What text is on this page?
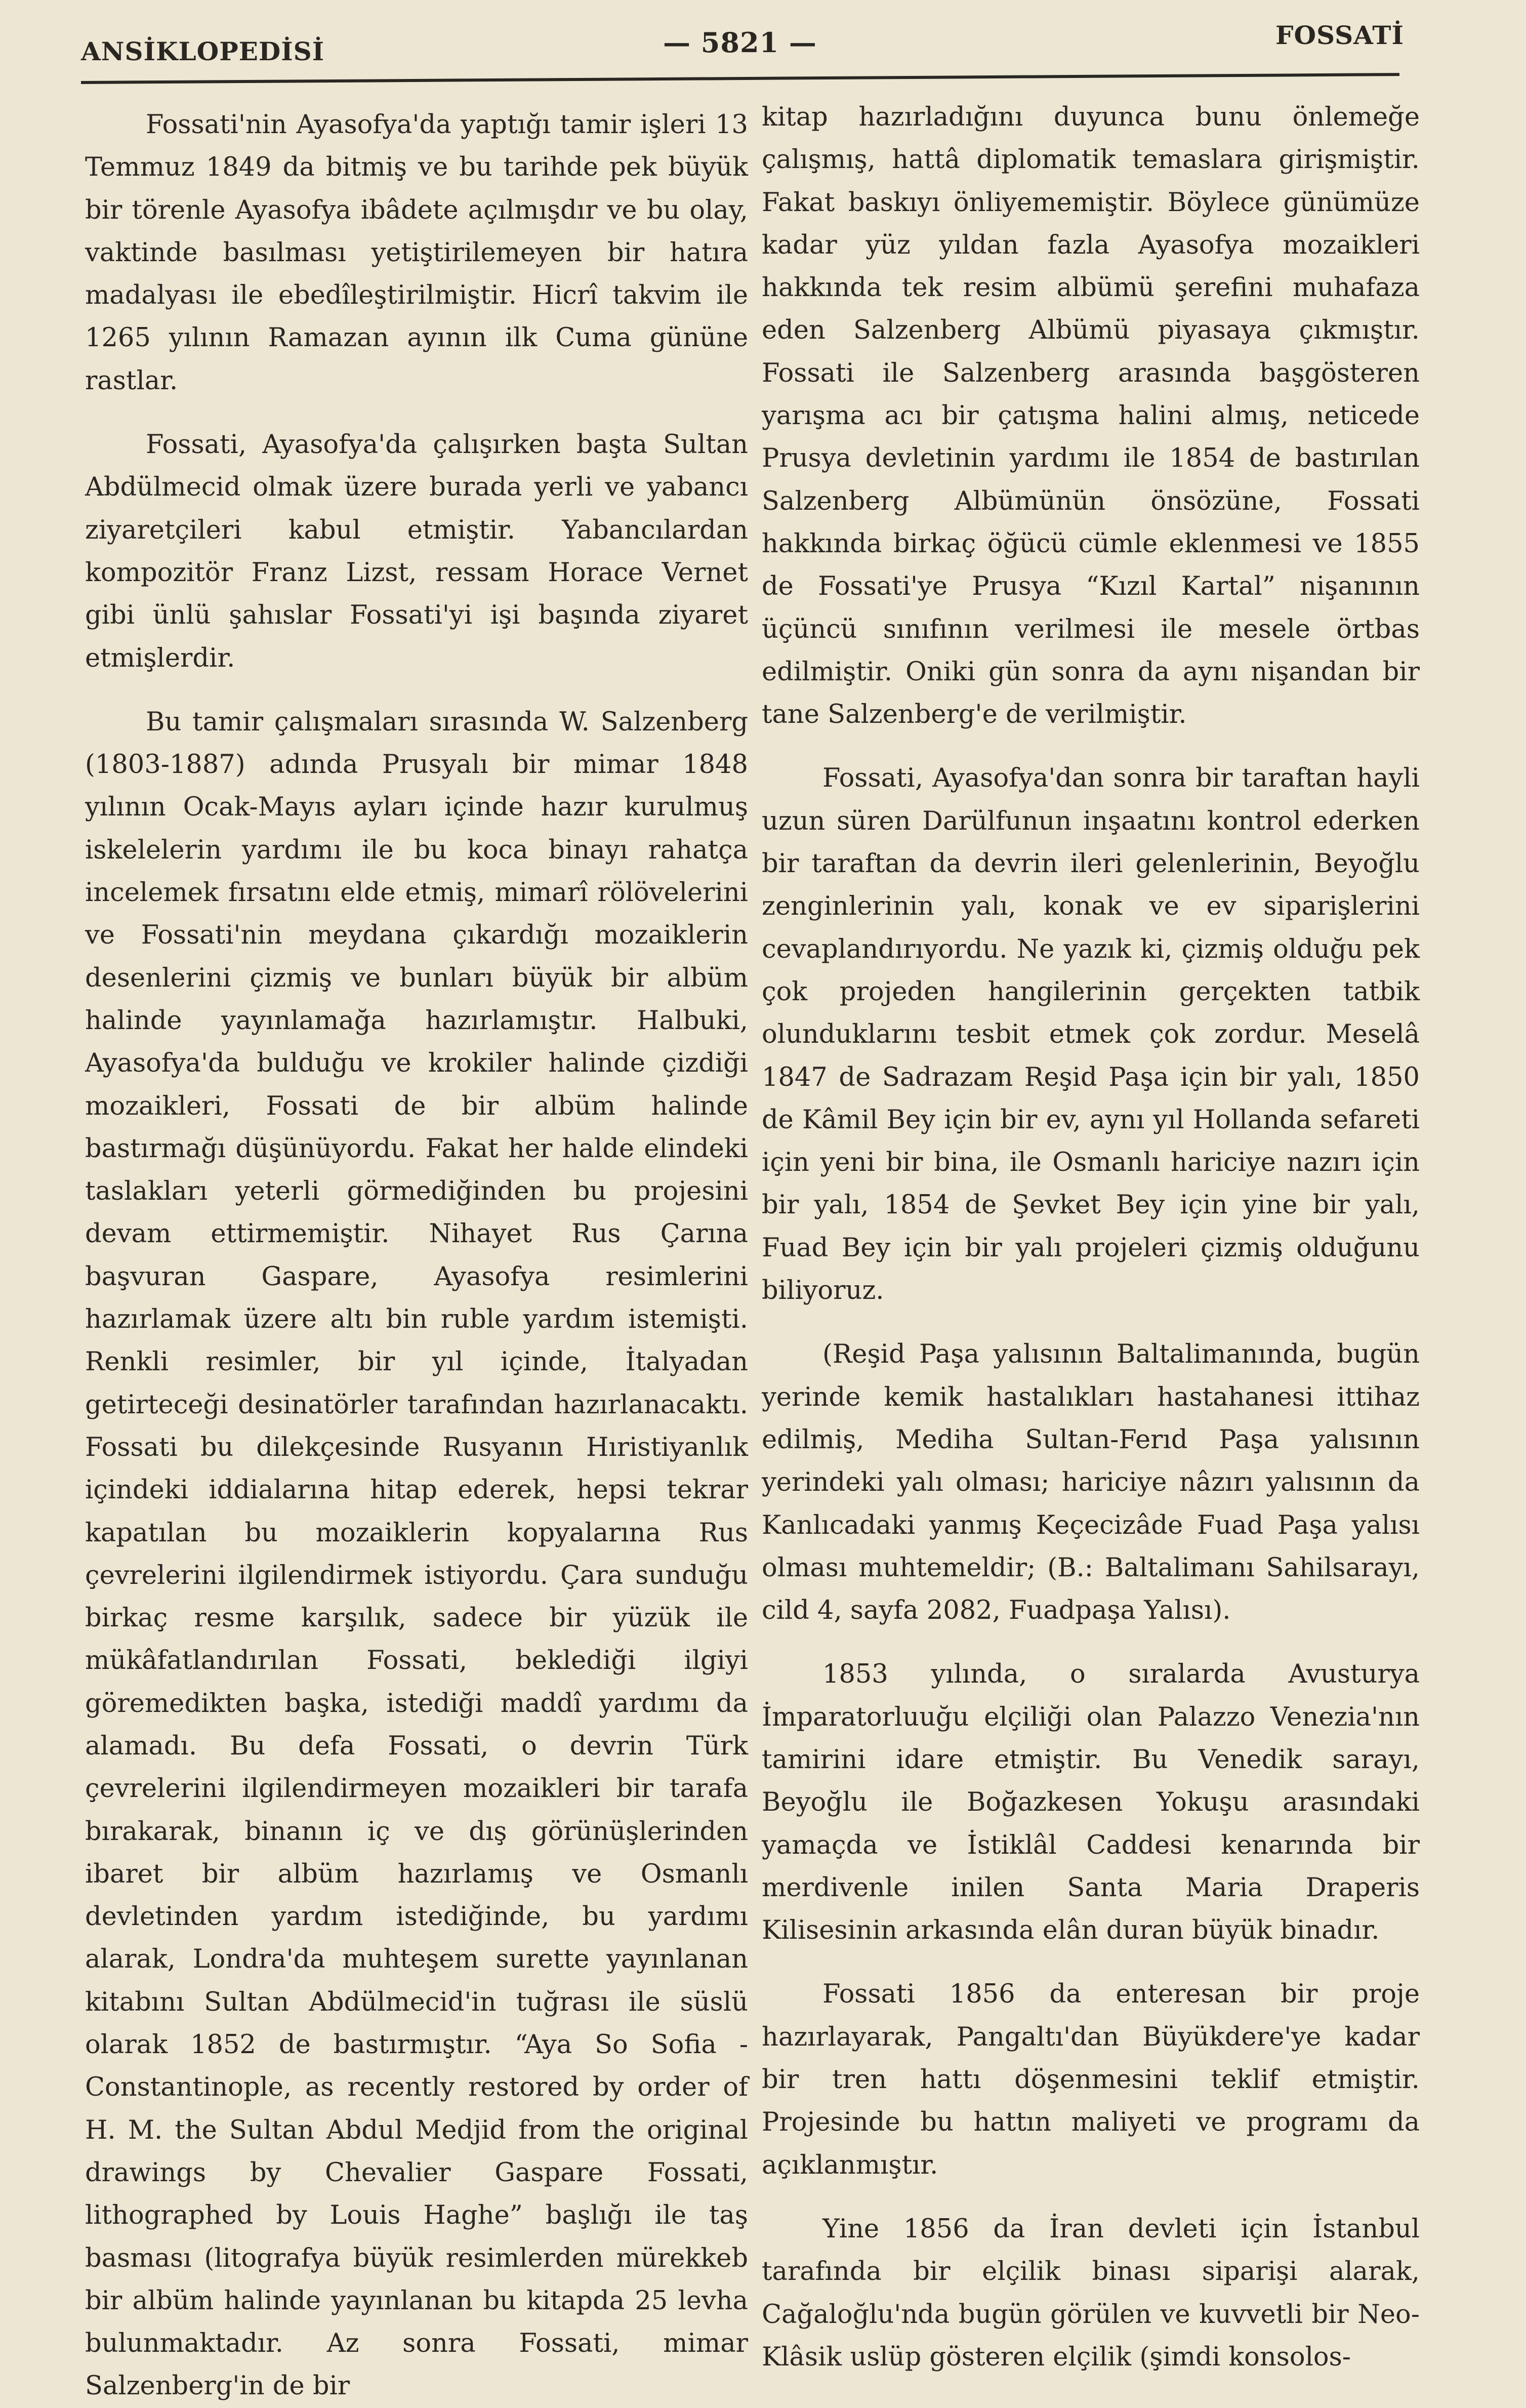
ANSİKLOPEDİSİ	— 5821 —	FOSSATİ

Fossati'nin Ayasofya'da yaptığı tamir işleri 13 Temmuz 1849 da bitmiş ve bu tarihde pek büyük bir törenle Ayasofya ibâdete açılmışdır ve bu olay, vaktinde basılması yetiştirilemeyen bir hatıra madalyası ile ebedîleştirilmiştir. Hicrî takvim ile 1265 yılının Ramazan ayının ilk Cuma gününe rastlar.

Fossati, Ayasofya'da çalışırken başta Sultan Abdülmecid olmak üzere burada yerli ve yabancı ziyaretçileri kabul etmiştir. Yabancılardan kompozitör Franz Lizst, ressam Horace Vernet gibi ünlü şahıslar Fossati'yi işi başında ziyaret etmişlerdir.

Bu tamir çalışmaları sırasında W. Salzenberg (1803-1887) adında Prusyalı bir mimar 1848 yılının Ocak-Mayıs ayları içinde hazır kurulmuş iskelelerin yardımı ile bu koca binayı rahatça incelemek fırsatını elde etmiş, mimarî rölövelerini ve Fossati'nin meydana çıkardığı mozaiklerin desenlerini çizmiş ve bunları büyük bir albüm halinde yayınlamağa hazırlamıştır. Halbuki, Ayasofya'da bulduğu ve krokiler halinde çizdiği mozaikleri, Fossati de bir albüm halinde bastırmağı düşünüyordu. Fakat her halde elindeki taslakları yeterli görmediğinden bu projesini devam ettirmemiştir. Nihayet Rus Çarına başvuran Gaspare, Ayasofya resimlerini hazırlamak üzere altı bin ruble yardım istemişti. Renkli resimler, bir yıl içinde, İtalyadan getirteceği desinatörler tarafından hazırlanacaktı. Fossati bu dilekçesinde Rusyanın Hıristiyanlık içindeki iddialarına hitap ederek, hepsi tekrar kapatılan bu mozaiklerin kopyalarına Rus çevrelerini ilgilendirmek istiyordu. Çara sunduğu birkaç resme karşılık, sadece bir yüzük ile mükâfatlandırılan Fossati, beklediği ilgiyi göremedikten başka, istediği maddî yardımı da alamadı. Bu defa Fossati, o devrin Türk çevrelerini ilgilendirmeyen mozaikleri bir tarafa bırakarak, binanın iç ve dış görünüşlerinden ibaret bir albüm hazırlamış ve Osmanlı devletinden yardım istediğinde, bu yardımı alarak, Londra'da muhteşem surette yayınlanan kitabını Sultan Abdülmecid'in tuğrası ile süslü olarak 1852 de bastırmıştır. “Aya So Sofia - Constantinople, as recently restored by order of H. M. the Sultan Abdul Medjid from the original drawings by Chevalier Gaspare Fossati, lithographed by Louis Haghe” başlığı ile taş basması (litografya büyük resimlerden mürekkeb bir albüm halinde yayınlanan bu kitapda 25 levha bulunmaktadır. Az sonra Fossati, mimar Salzenberg'in de bir

kitap hazırladığını duyunca bunu önlemeğe çalışmış, hattâ diplomatik temaslara girişmiştir. Fakat baskıyı önliyememiştir. Böylece günümüze kadar yüz yıldan fazla Ayasofya mozaikleri hakkında tek resim albümü şerefini muhafaza eden Salzenberg Albümü piyasaya çıkmıştır. Fossati ile Salzenberg arasında başgösteren yarışma acı bir çatışma halini almış, neticede Prusya devletinin yardımı ile 1854 de bastırılan Salzenberg Albümünün önsözüne, Fossati hakkında birkaç öğücü cümle eklenmesi ve 1855 de Fossati'ye Prusya “Kızıl Kartal” nişanının üçüncü sınıfının verilmesi ile mesele örtbas edilmiştir. Oniki gün sonra da aynı nişandan bir tane Salzenberg'e de verilmiştir.

Fossati, Ayasofya'dan sonra bir taraftan hayli uzun süren Darülfunun inşaatını kontrol ederken bir taraftan da devrin ileri gelenlerinin, Beyoğlu zenginlerinin yalı, konak ve ev siparişlerini cevaplandırıyordu. Ne yazık ki, çizmiş olduğu pek çok projeden hangilerinin gerçekten tatbik olunduklarını tesbit etmek çok zordur. Meselâ 1847 de Sadrazam Reşid Paşa için bir yalı, 1850 de Kâmil Bey için bir ev, aynı yıl Hollanda sefareti için yeni bir bina, ile Osmanlı hariciye nazırı için bir yalı, 1854 de Şevket Bey için yine bir yalı, Fuad Bey için bir yalı projeleri çizmiş olduğunu biliyoruz.

(Reşid Paşa yalısının Baltalimanında, bugün yerinde kemik hastalıkları hastahanesi ittihaz edilmiş, Mediha Sultan-Ferıd Paşa yalısının yerindeki yalı olması; hariciye nâzırı yalısının da Kanlıcadaki yanmış Keçecizâde Fuad Paşa yalısı olması muhtemeldir; (B.: Baltalimanı Sahilsarayı, cild 4, sayfa 2082, Fuadpaşa Yalısı).

1853 yılında, o sıralarda Avusturya İmparatorluuğu elçiliği olan Palazzo Venezia'nın tamirini idare etmiştir. Bu Venedik sarayı, Beyoğlu ile Boğazkesen Yokuşu arasındaki yamaçda ve İstiklâl Caddesi kenarında bir merdivenle inilen Santa Maria Draperis Kilisesinin arkasında elân duran büyük binadır.

Fossati 1856 da enteresan bir proje hazırlayarak, Pangaltı'dan Büyükdere'ye kadar bir tren hattı döşenmesini teklif etmiştir. Projesinde bu hattın maliyeti ve programı da açıklanmıştır.

Yine 1856 da İran devleti için İstanbul tarafında bir elçilik binası siparişi alarak, Cağaloğlu'nda bugün görülen ve kuvvetli bir Neo-Klâsik uslüp gösteren elçilik (şimdi konsolos-
